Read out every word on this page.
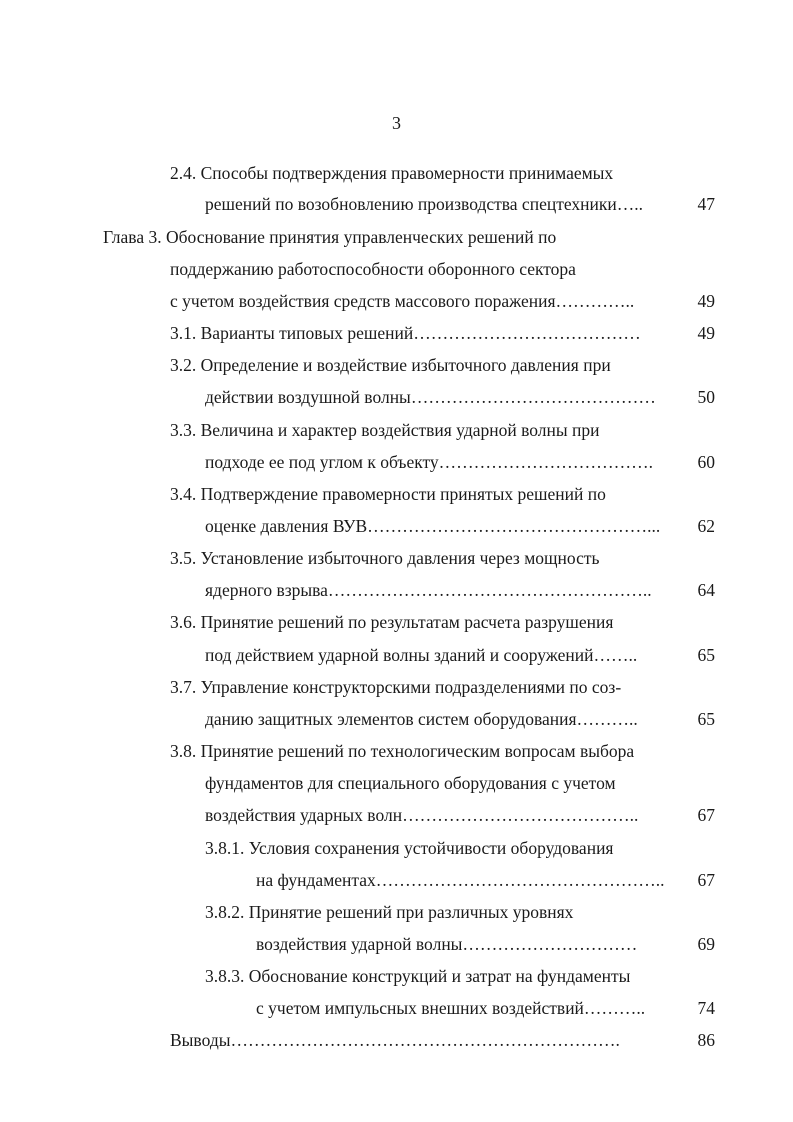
3
2.4. Способы подтверждения правомерности принимаемых
решений по возобновлению производства спецтехники…..	47
Глава 3. Обоснование принятия управленческих решений по
поддержанию работоспособности оборонного сектора
с учетом воздействия средств массового поражения…………..	49
3.1. Варианты типовых решений…………………………………	49
3.2. Определение и воздействие избыточного давления при
действии воздушной волны…………………………………… 50
3.3. Величина и характер воздействия ударной волны при
подходе ее под углом к объекту……………………………….	60
3.4. Подтверждение правомерности принятых решений по
оценке давления ВУВ…………………………………………... 62
3.5. Установление избыточного давления через мощность
ядерного взрыва………………………………………………..	64
3.6. Принятие решений по результатам расчета разрушения
под действием ударной волны зданий и сооружений……..	65
3.7. Управление конструкторскими подразделениями по соз-
данию защитных элементов систем оборудования………..	65
3.8. Принятие решений по технологическим вопросам выбора
фундаментов для специального оборудования с учетом
воздействия ударных волн…………………………………..	67
3.8.1. Условия сохранения устойчивости оборудования
на фундаментах………………………………………….. 67
3.8.2. Принятие решений при различных уровнях
воздействия ударной волны…………………………	69
3.8.3. Обоснование конструкций и затрат на фундаменты
с учетом импульсных внешних воздействий………..	74
Выводы………………………………………………………….	86
